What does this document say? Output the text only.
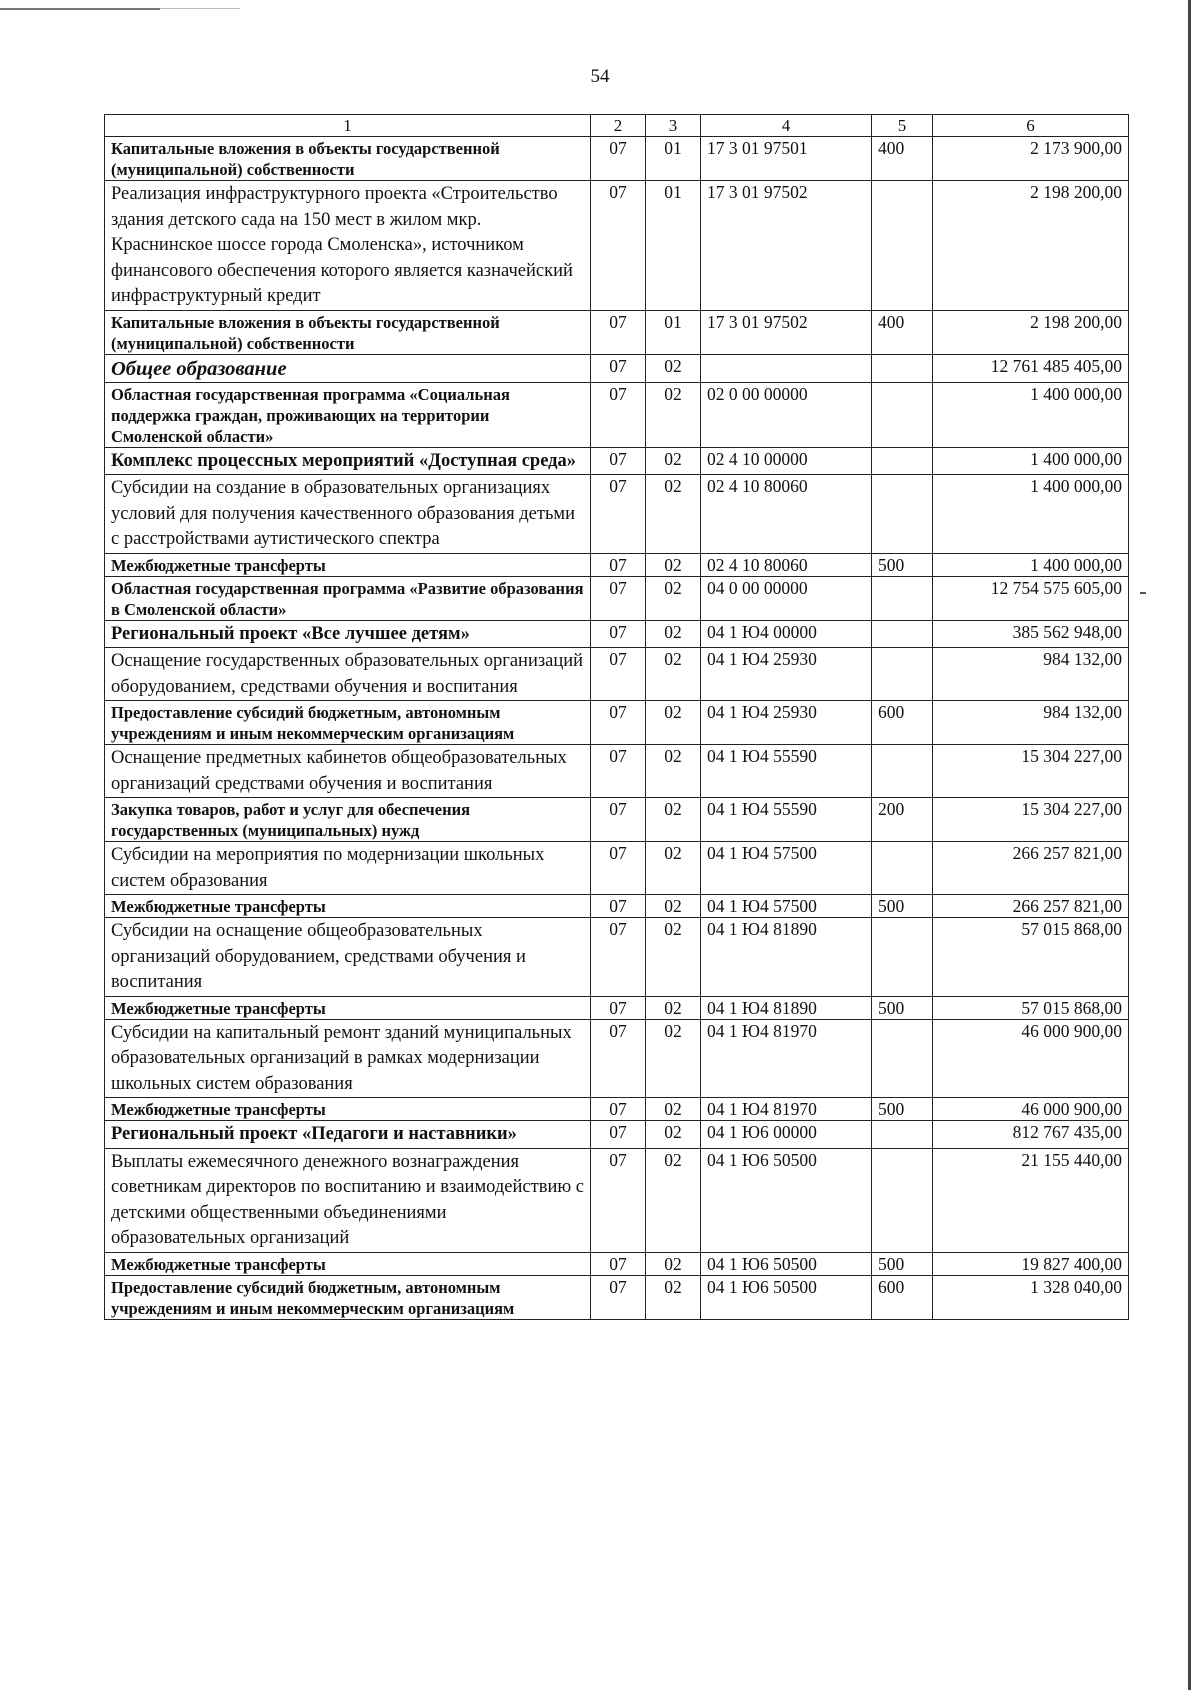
54
1	2	3	4	5	6
Капитальные вложения в объекты государственной (муниципальной) собственности	07	01	17 3 01 97501	400	2 173 900,00
Реализация инфраструктурного проекта «Строительство здания детского сада на 150 мест в жилом мкр. Краснинское шоссе города Смоленска», источником финансового обеспечения которого является казначейский инфраструктурный кредит	07	01	17 3 01 97502		2 198 200,00
Капитальные вложения в объекты государственной (муниципальной) собственности	07	01	17 3 01 97502	400	2 198 200,00
Общее образование	07	02			12 761 485 405,00
Областная государственная программа «Социальная поддержка граждан, проживающих на территории Смоленской области»	07	02	02 0 00 00000		1 400 000,00
Комплекс процессных мероприятий «Доступная среда»	07	02	02 4 10 00000		1 400 000,00
Субсидии на создание в образовательных организациях условий для получения качественного образования детьми с расстройствами аутистического спектра	07	02	02 4 10 80060		1 400 000,00
Межбюджетные трансферты	07	02	02 4 10 80060	500	1 400 000,00
Областная государственная программа «Развитие образования в Смоленской области»	07	02	04 0 00 00000		12 754 575 605,00
Региональный проект «Все лучшее детям»	07	02	04 1 Ю4 00000		385 562 948,00
Оснащение государственных образовательных организаций оборудованием, средствами обучения и воспитания	07	02	04 1 Ю4 25930		984 132,00
Предоставление субсидий бюджетным, автономным учреждениям и иным некоммерческим организациям	07	02	04 1 Ю4 25930	600	984 132,00
Оснащение предметных кабинетов общеобразовательных организаций средствами обучения и воспитания	07	02	04 1 Ю4 55590		15 304 227,00
Закупка товаров, работ и услуг для обеспечения государственных (муниципальных) нужд	07	02	04 1 Ю4 55590	200	15 304 227,00
Субсидии на мероприятия по модернизации школьных систем образования	07	02	04 1 Ю4 57500		266 257 821,00
Межбюджетные трансферты	07	02	04 1 Ю4 57500	500	266 257 821,00
Субсидии на оснащение общеобразовательных организаций оборудованием, средствами обучения и воспитания	07	02	04 1 Ю4 81890		57 015 868,00
Межбюджетные трансферты	07	02	04 1 Ю4 81890	500	57 015 868,00
Субсидии на капитальный ремонт зданий муниципальных образовательных организаций в рамках модернизации школьных систем образования	07	02	04 1 Ю4 81970		46 000 900,00
Межбюджетные трансферты	07	02	04 1 Ю4 81970	500	46 000 900,00
Региональный проект «Педагоги и наставники»	07	02	04 1 Ю6 00000		812 767 435,00
Выплаты ежемесячного денежного вознаграждения советникам директоров по воспитанию и взаимодействию с детскими общественными объединениями образовательных организаций	07	02	04 1 Ю6 50500		21 155 440,00
Межбюджетные трансферты	07	02	04 1 Ю6 50500	500	19 827 400,00
Предоставление субсидий бюджетным, автономным учреждениям и иным некоммерческим организациям	07	02	04 1 Ю6 50500	600	1 328 040,00
